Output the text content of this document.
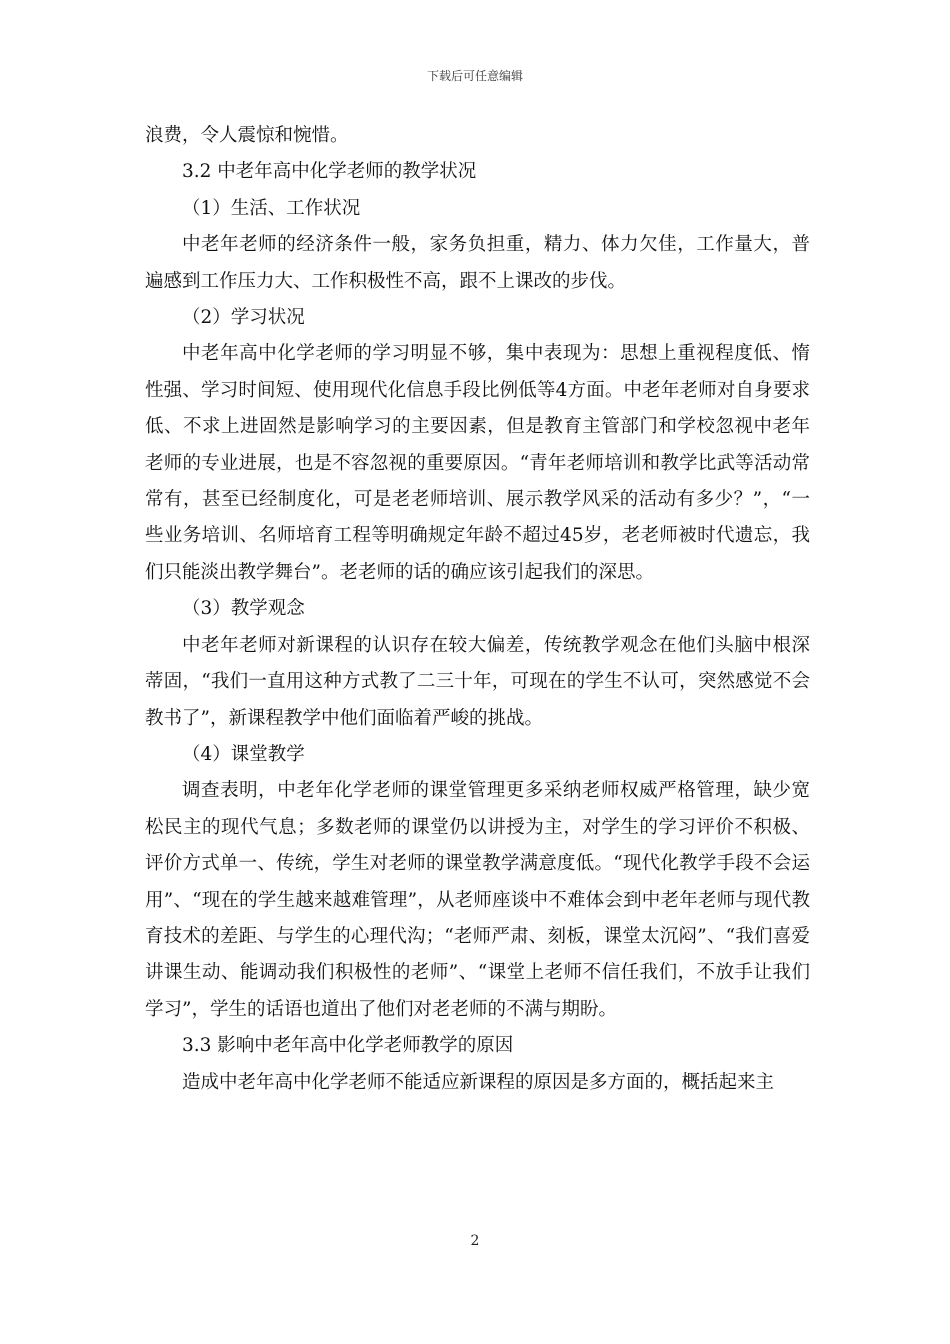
下载后可任意编辑

浪费，令人震惊和惋惜。

3.2 中老年高中化学老师的教学状况

（1）生活、工作状况

中老年老师的经济条件一般，家务负担重，精力、体力欠佳，工作量大，普遍感到工作压力大、工作积极性不高，跟不上课改的步伐。

（2）学习状况

中老年高中化学老师的学习明显不够，集中表现为：思想上重视程度低、惰性强、学习时间短、使用现代化信息手段比例低等4方面。中老年老师对自身要求低、不求上进固然是影响学习的主要因素，但是教育主管部门和学校忽视中老年老师的专业进展，也是不容忽视的重要原因。“青年老师培训和教学比武等活动常常有，甚至已经制度化，可是老老师培训、展示教学风采的活动有多少？”，“一些业务培训、名师培育工程等明确规定年龄不超过45岁，老老师被时代遗忘，我们只能淡出教学舞台”。老老师的话的确应该引起我们的深思。

（3）教学观念

中老年老师对新课程的认识存在较大偏差，传统教学观念在他们头脑中根深蒂固，“我们一直用这种方式教了二三十年，可现在的学生不认可，突然感觉不会教书了”，新课程教学中他们面临着严峻的挑战。

（4）课堂教学

调查表明，中老年化学老师的课堂管理更多采纳老师权威严格管理，缺少宽松民主的现代气息；多数老师的课堂仍以讲授为主，对学生的学习评价不积极、评价方式单一、传统，学生对老师的课堂教学满意度低。“现代化教学手段不会运用”、“现在的学生越来越难管理”，从老师座谈中不难体会到中老年老师与现代教育技术的差距、与学生的心理代沟；“老师严肃、刻板，课堂太沉闷”、“我们喜爱讲课生动、能调动我们积极性的老师”、“课堂上老师不信任我们，不放手让我们学习”，学生的话语也道出了他们对老老师的不满与期盼。

3.3 影响中老年高中化学老师教学的原因

造成中老年高中化学老师不能适应新课程的原因是多方面的，概括起来主

2
